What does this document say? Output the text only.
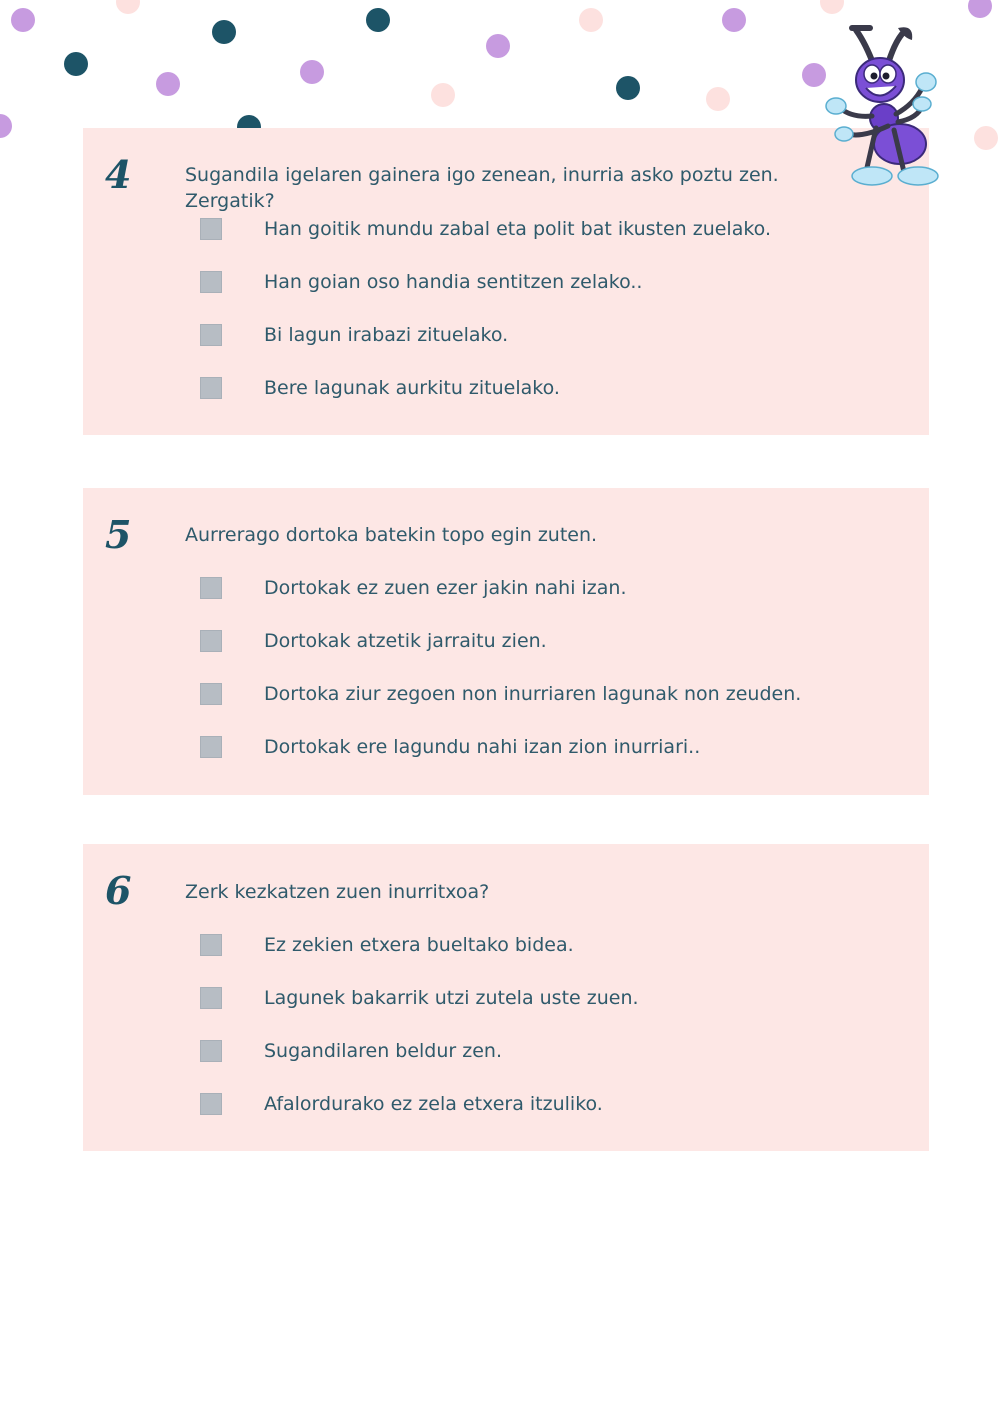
4	Sugandila igelaren gainera igo zenean, inurria asko poztu zen. Zergatik?
Han goitik mundu zabal eta polit bat ikusten zuelako.
Han goian oso handia sentitzen zelako..
Bi lagun irabazi zituelako.
Bere lagunak aurkitu zituelako.
5	Aurrerago dortoka batekin topo egin zuten.
Dortokak ez zuen ezer jakin nahi izan.
Dortokak atzetik jarraitu zien.
Dortoka ziur zegoen non inurriaren lagunak non zeuden.
Dortokak ere lagundu nahi izan zion inurriari..
6	Zerk kezkatzen zuen inurritxoa?
Ez zekien etxera bueltako bidea.
Lagunek bakarrik utzi zutela uste zuen.
Sugandilaren beldur zen.
Afalordurako ez zela etxera itzuliko.
